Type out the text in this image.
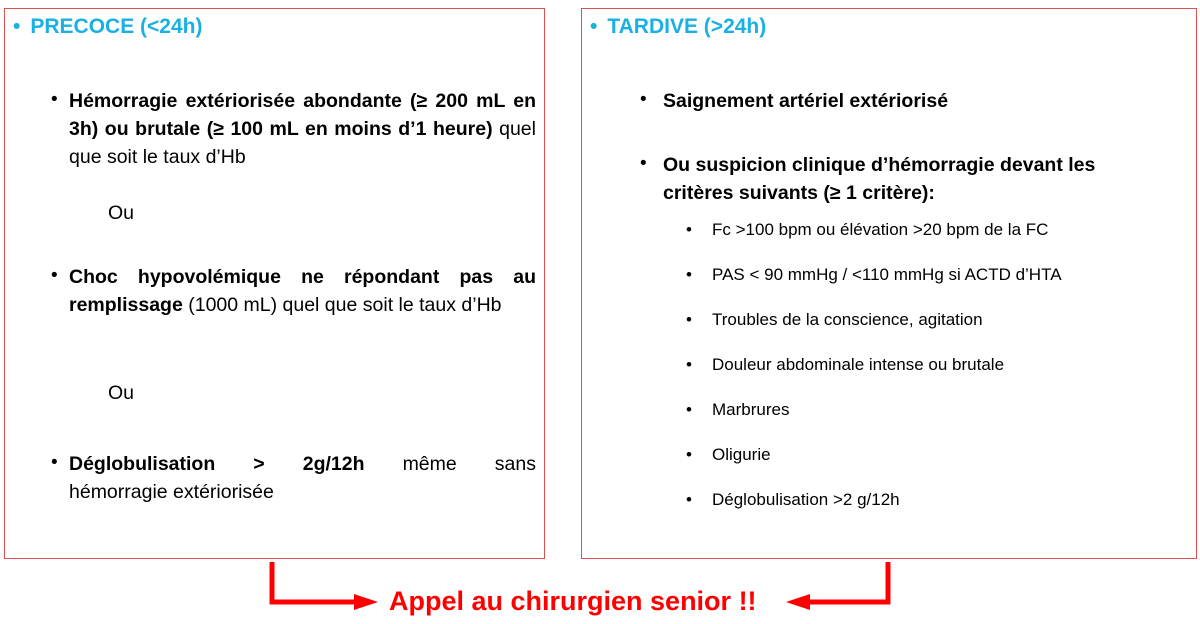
• PRECOCE (<24h)
• Hémorragie extériorisée abondante (≥ 200 mL en 3h) ou brutale (≥ 100 mL en moins d’1 heure) quel que soit le taux d’Hb
Ou
• Choc hypovolémique ne répondant pas au remplissage (1000 mL) quel que soit le taux d’Hb
Ou
• Déglobulisation > 2g/12h même sans
hémorragie extériorisée
• TARDIVE (>24h)
• Saignement artériel extériorisé
• Ou suspicion clinique d’hémorragie devant les critères suivants (≥ 1 critère):
• Fc >100 bpm ou élévation >20 bpm de la FC
• PAS < 90 mmHg / <110 mmHg si ACTD d’HTA
• Troubles de la conscience, agitation
• Douleur abdominale intense ou brutale
• Marbrures
• Oligurie
• Déglobulisation >2 g/12h
Appel au chirurgien senior !!
